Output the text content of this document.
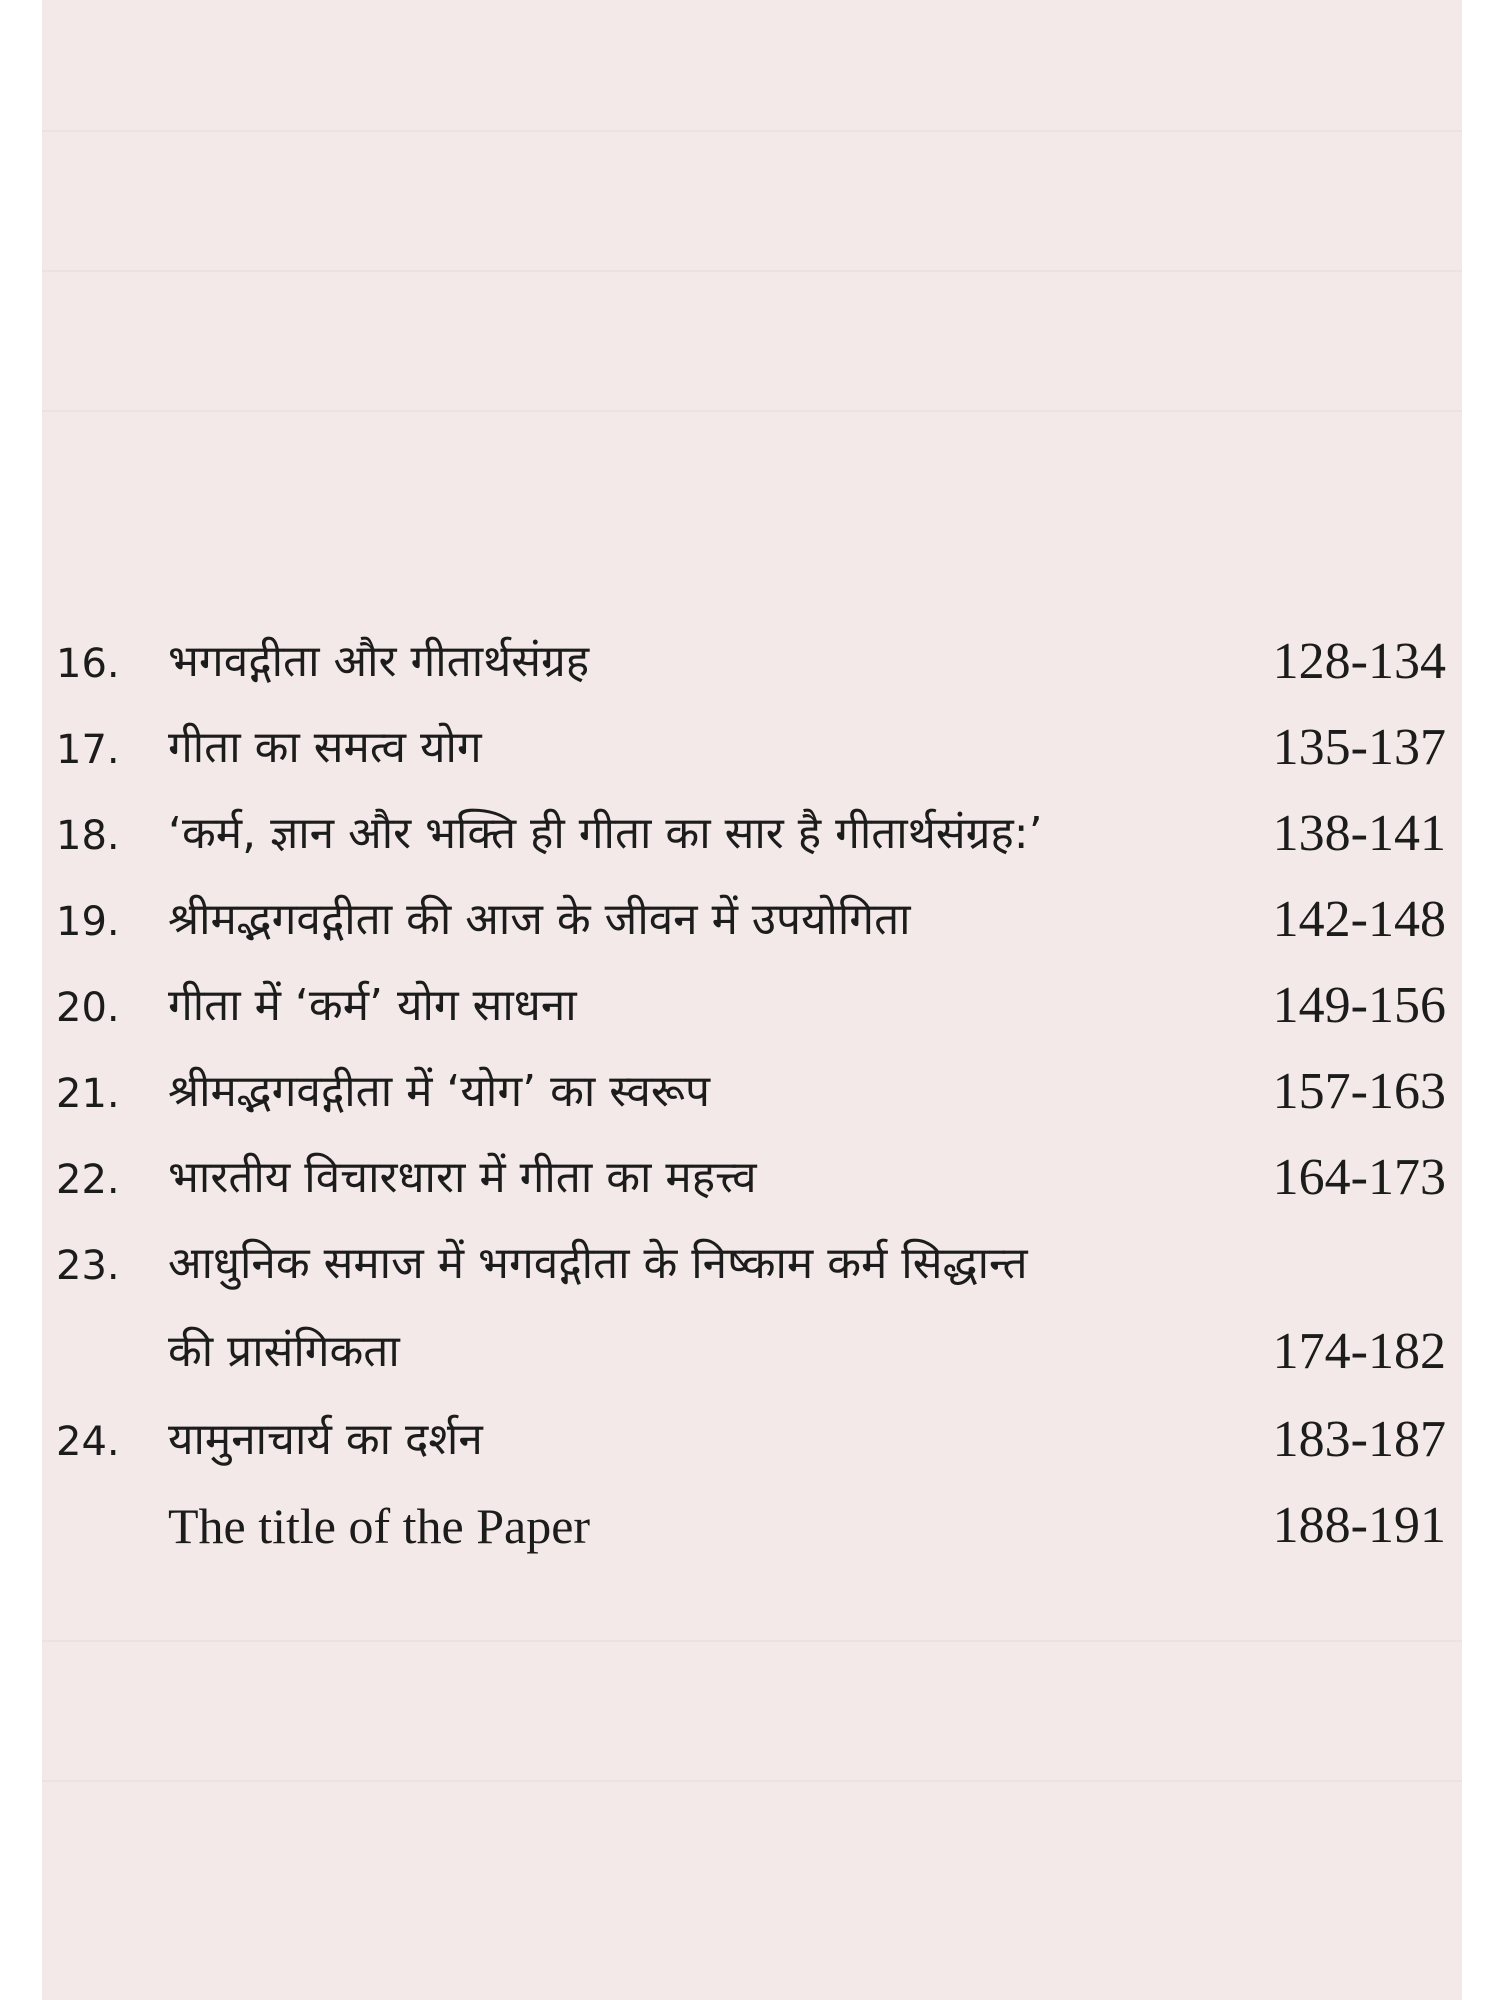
16. भगवद्गीता और गीतार्थसंग्रह	128-134
17. गीता का समत्व योग	135-137
18. ‘कर्म, ज्ञान और भक्ति ही गीता का सार है गीतार्थसंग्रह:’	138-141
19. श्रीमद्भगवद्गीता की आज के जीवन में उपयोगिता	142-148
20. गीता में ‘कर्म’ योग साधना	149-156
21. श्रीमद्भगवद्गीता में ‘योग’ का स्वरूप	157-163
22. भारतीय विचारधारा में गीता का महत्त्व	164-173
23. आधुनिक समाज में भगवद्गीता के निष्काम कर्म सिद्धान्त
की प्रासंगिकता	174-182
24. यामुनाचार्य का दर्शन	183-187
The title of the Paper	188-191
